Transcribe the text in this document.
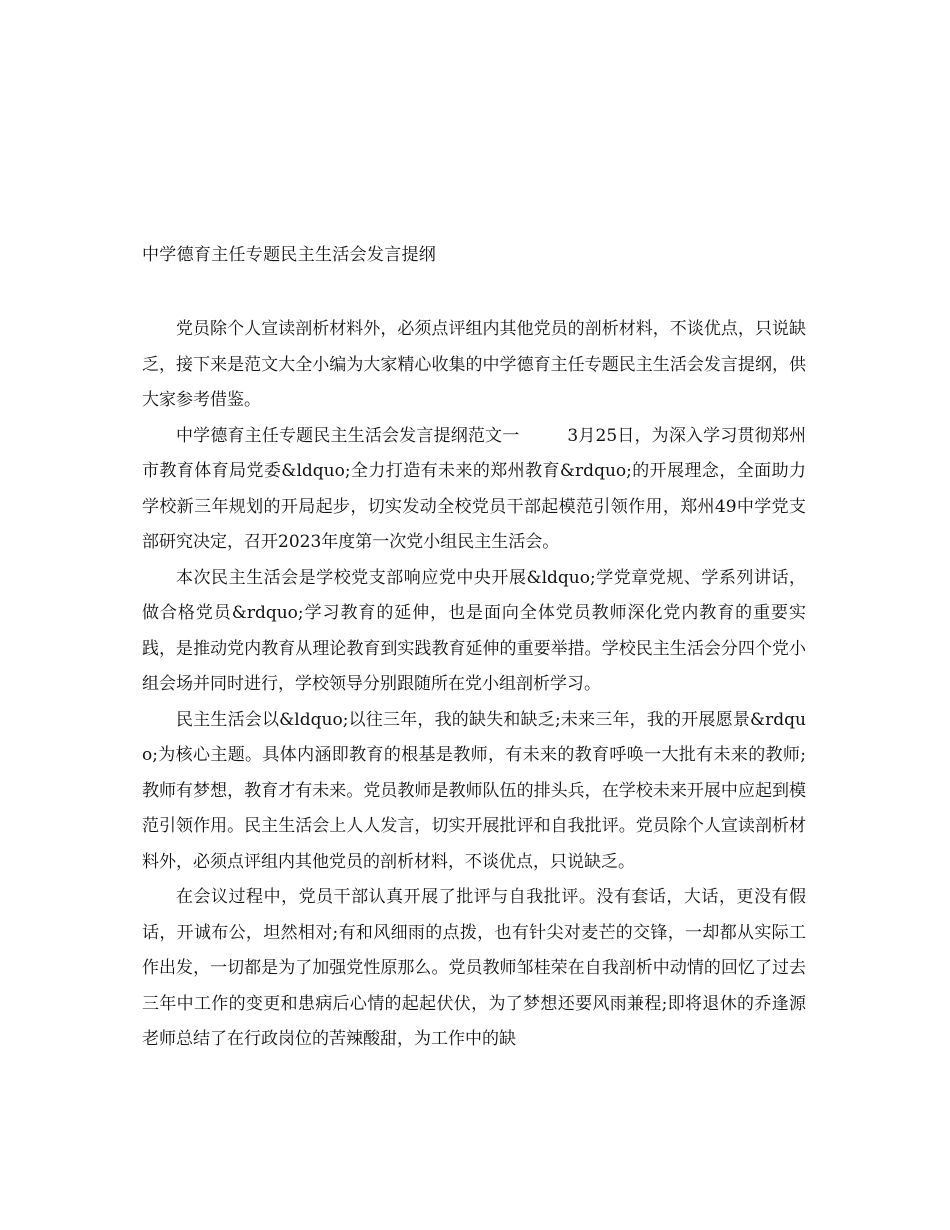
中学德育主任专题民主生活会发言提纲

党员除个人宣读剖析材料外，必须点评组内其他党员的剖析材料，不谈优点，只说缺乏，接下来是范文大全小编为大家精心收集的中学德育主任专题民主生活会发言提纲，供大家参考借鉴。

中学德育主任专题民主生活会发言提纲范文一	3月25日，为深入学习贯彻郑州市教育体育局党委&ldquo;全力打造有未来的郑州教育&rdquo;的开展理念，全面助力学校新三年规划的开局起步，切实发动全校党员干部起模范引领作用，郑州49中学党支部研究决定，召开2023年度第一次党小组民主生活会。

本次民主生活会是学校党支部响应党中央开展&ldquo;学党章党规、学系列讲话，做合格党员&rdquo;学习教育的延伸，也是面向全体党员教师深化党内教育的重要实践，是推动党内教育从理论教育到实践教育延伸的重要举措。学校民主生活会分四个党小组会场并同时进行，学校领导分别跟随所在党小组剖析学习。

民主生活会以&ldquo;以往三年，我的缺失和缺乏;未来三年，我的开展愿景&rdquo;为核心主题。具体内涵即教育的根基是教师，有未来的教育呼唤一大批有未来的教师;教师有梦想，教育才有未来。党员教师是教师队伍的排头兵，在学校未来开展中应起到模范引领作用。民主生活会上人人发言，切实开展批评和自我批评。党员除个人宣读剖析材料外，必须点评组内其他党员的剖析材料，不谈优点，只说缺乏。

在会议过程中，党员干部认真开展了批评与自我批评。没有套话，大话，更没有假话，开诚布公，坦然相对;有和风细雨的点拨，也有针尖对麦芒的交锋，一却都从实际工作出发，一切都是为了加强党性原那么。党员教师邹桂荣在自我剖析中动情的回忆了过去三年中工作的变更和患病后心情的起起伏伏，为了梦想还要风雨兼程;即将退休的乔逢源老师总结了在行政岗位的苦辣酸甜，为工作中的缺
